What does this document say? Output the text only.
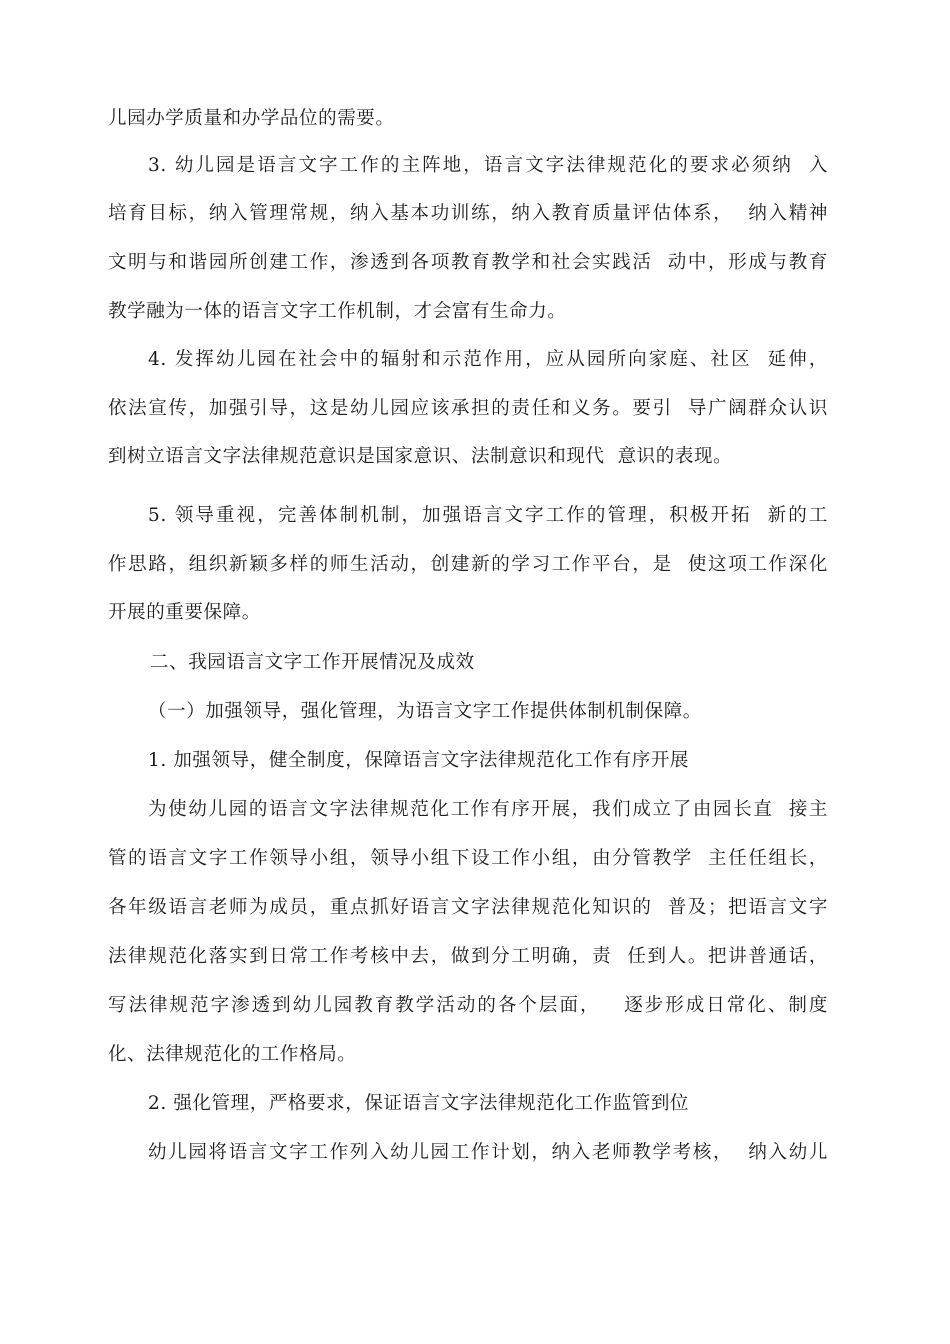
儿园办学质量和办学品位的需要。
3. 幼儿园是语言文字工作的主阵地，语言文字法律规范化的要求必须纳  入
培育目标，纳入管理常规，纳入基本功训练，纳入教育质量评估体系，  纳入精神
文明与和谐园所创建工作，渗透到各项教育教学和社会实践活  动中，形成与教育
教学融为一体的语言文字工作机制，才会富有生命力。
4. 发挥幼儿园在社会中的辐射和示范作用，应从园所向家庭、社区  延伸，
依法宣传，加强引导，这是幼儿园应该承担的责任和义务。要引  导广阔群众认识
到树立语言文字法律规范意识是国家意识、法制意识和现代  意识的表现。
5. 领导重视，完善体制机制，加强语言文字工作的管理，积极开拓  新的工
作思路，组织新颖多样的师生活动，创建新的学习工作平台，是  使这项工作深化
开展的重要保障。
二、我园语言文字工作开展情况及成效
（一）加强领导，强化管理，为语言文字工作提供体制机制保障。
1. 加强领导，健全制度，保障语言文字法律规范化工作有序开展
为使幼儿园的语言文字法律规范化工作有序开展，我们成立了由园长直  接主
管的语言文字工作领导小组，领导小组下设工作小组，由分管教学  主任任组长，
各年级语言老师为成员，重点抓好语言文字法律规范化知识的  普及；把语言文字
法律规范化落实到日常工作考核中去，做到分工明确，责  任到人。把讲普通话，
写法律规范字渗透到幼儿园教育教学活动的各个层面，   逐步形成日常化、制度
化、法律规范化的工作格局。
2. 强化管理，严格要求，保证语言文字法律规范化工作监管到位
幼儿园将语言文字工作列入幼儿园工作计划，纳入老师教学考核，  纳入幼儿
